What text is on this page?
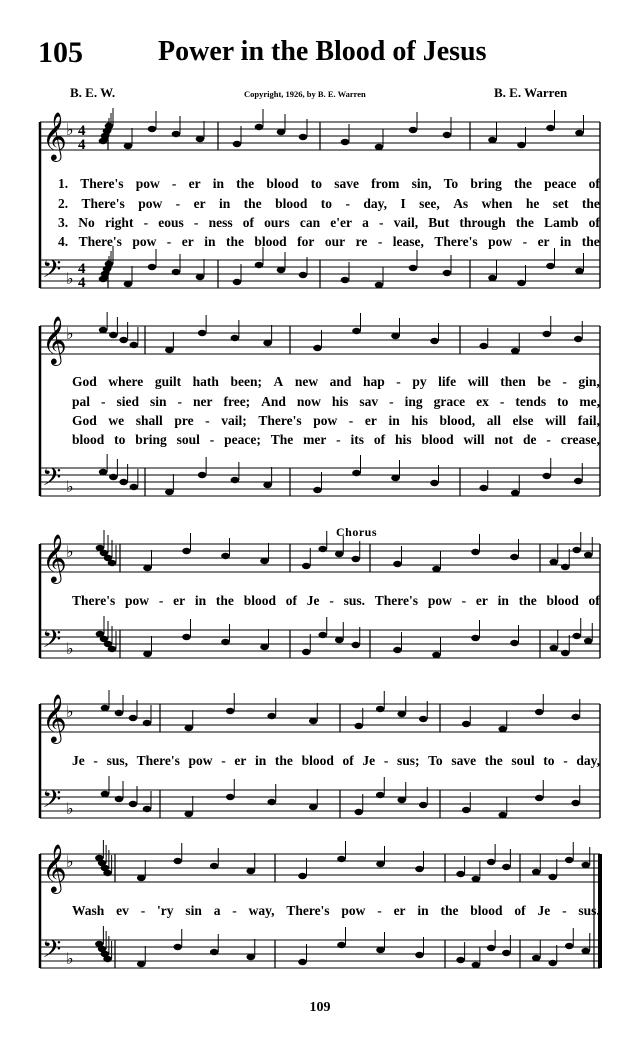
105	Power in the Blood of Jesus
B. E. W.	Copyright, 1926, by B. E. Warren	B. E. Warren
𝄞 ♭ 4
4
𝄢 ♭ 4
4
1. There's pow - er in the blood to save from sin, To bring the peace of
2. There's pow - er in the blood to - day, I see, As when he set the
3. No right - eous - ness of ours can e'er a - vail, But through the Lamb of
4. There's pow - er in the blood for our re - lease, There's pow - er in the
𝄞 ♭
𝄢 ♭
God where guilt hath been; A new and hap - py life will then be - gin,
pal - sied sin - ner free; And now his sav - ing grace ex - tends to me,
God we shall pre - vail; There's pow - er in his blood, all else will fail,
blood to bring soul - peace; The mer - its of his blood will not de - crease,
Chorus
𝄞 ♭
𝄢 ♭
There's pow - er in the blood of Je - sus. There's pow - er in the blood of
𝄞 ♭
𝄢 ♭
Je - sus, There's pow - er in the blood of Je - sus; To save the soul to - day,
𝄞 ♭
𝄢 ♭
Wash ev - 'ry sin a - way, There's pow - er in the blood of Je - sus.
109
